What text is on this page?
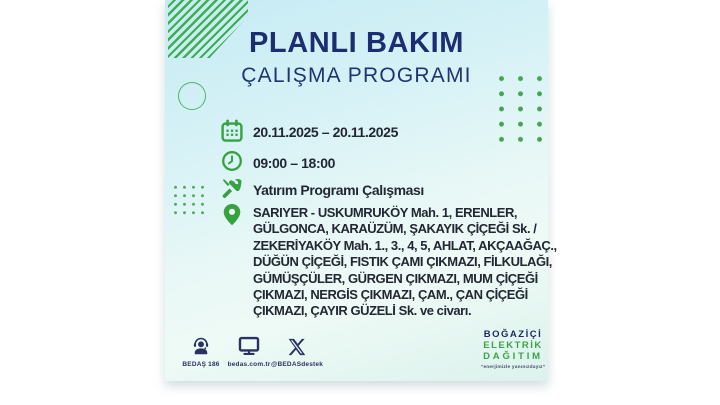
PLANLI BAKIM
ÇALIŞMA PROGRAMI
20.11.2025 – 20.11.2025
09:00 – 18:00
Yatırım Programı Çalışması
SARIYER - USKUMRUKÖY Mah. 1, ERENLER,
GÜLGONCA, KARAÜZÜM, ŞAKAYIK ÇİÇEĞİ Sk. /
ZEKERİYAKÖY Mah. 1., 3., 4, 5, AHLAT, AKÇAAĞAÇ.,
DÜĞÜN ÇİÇEĞİ, FISTIK ÇAMI ÇIKMAZI, FİLKULAĞI,
GÜMÜŞÇÜLER, GÜRGEN ÇIKMAZI, MUM ÇİÇEĞİ
ÇIKMAZI, NERGİS ÇIKMAZI, ÇAM., ÇAN ÇİÇEĞİ
ÇIKMAZI, ÇAYIR GÜZELİ Sk. ve civarı.
BEDAŞ 186 bedas.com.tr @BEDASdestek
BOĞAZİÇİ
ELEKTRİK
DAĞITIM
“enerjimizle yanınızdayız”
